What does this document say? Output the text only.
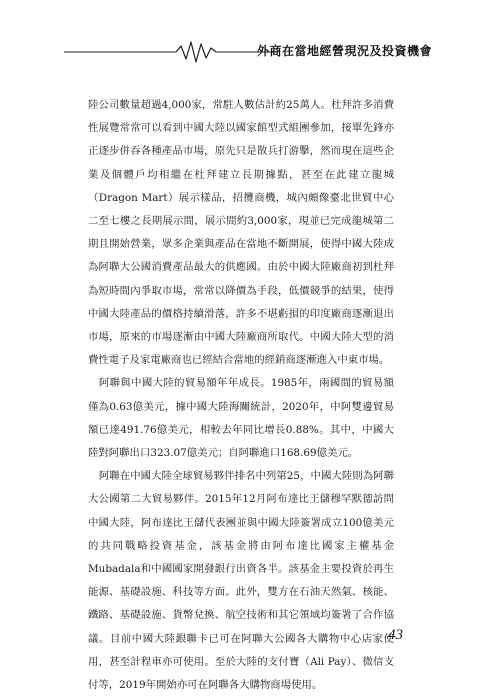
外商在當地經營現況及投資機會

陸公司數量超過4,000家，常駐人數估計約25萬人。杜拜許多消費性展覽常常可以看到中國大陸以國家館型式組團參加，接單先鋒亦正逐步併吞各種產品市場，原先只是散兵打游擊，然而現在這些企業及個體戶均相繼在杜拜建立長期據點，甚至在此建立龍城（Dragon Mart）展示樣品，招攬商機，城內頗像臺北世貿中心二至七樓之長期展示間，展示間約3,000家，現並已完成龍城第二期且開始營業，眾多企業與產品在當地不斷開展，使得中國大陸成為阿聯大公國消費產品最大的供應國。由於中國大陸廠商初到杜拜為短時間內爭取市場，常常以降價為手段，低價競爭的結果，使得中國大陸產品的價格持續滑落，許多不堪虧損的印度廠商逐漸退出市場，原來的市場逐漸由中國大陸廠商所取代。中國大陸大型的消費性電子及家電廠商也已經結合當地的經銷商逐漸進入中東市場。

阿聯與中國大陸的貿易額年年成長。1985年，兩國間的貿易額僅為0.63億美元，據中國大陸海關統計，2020年，中阿雙邊貿易額已達491.76億美元，相較去年同比增長0.88%。其中，中國大陸對阿聯出口323.07億美元；自阿聯進口168.69億美元。

阿聯在中國大陸全球貿易夥伴排名中列第25，中國大陸則為阿聯大公國第二大貿易夥伴。2015年12月阿布達比王儲穆罕默德訪問中國大陸，阿布達比王儲代表團並與中國大陸簽署成立100億美元的共同戰略投資基金，該基金將由阿布達比國家主權基金Mubadala和中國國家開發銀行出資各半。該基金主要投資於再生能源、基礎設施、科技等方面。此外，雙方在石油天然氣、核能、鐵路、基礎設施、貨幣兌換、航空技術和其它領域均簽署了合作協議。目前中國大陸銀聯卡已可在阿聯大公國各大購物中心店家使用，甚至計程車亦可使用。至於大陸的支付寶（Ali Pay）、微信支付等，2019年開始亦可在阿聯各大購物商場使用。

43
